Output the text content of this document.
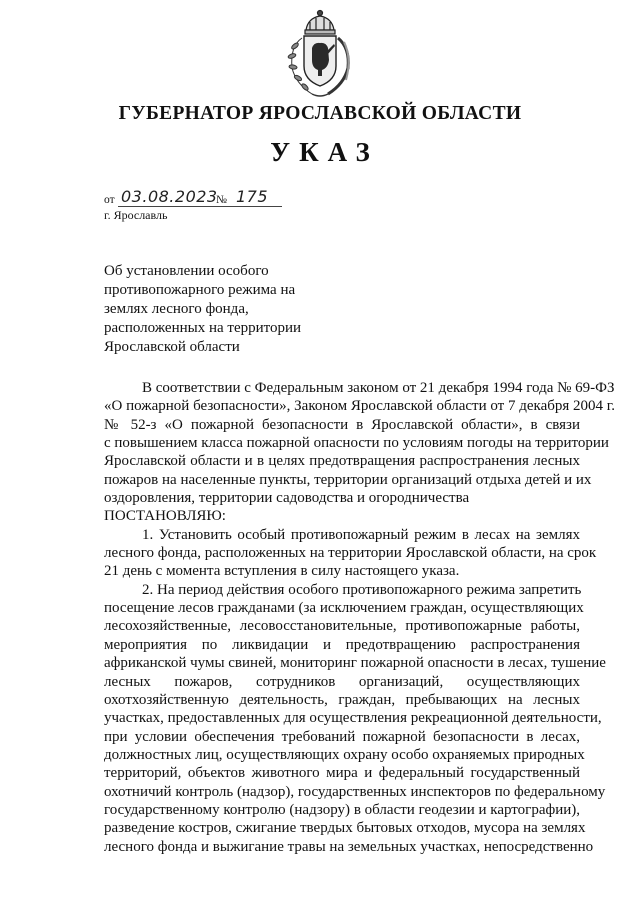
ГУБЕРНАТОР ЯРОСЛАВСКОЙ ОБЛАСТИ
УКАЗ
от 03.08.2023
№ 175
г. Ярославль
Об установлении особого
противопожарного режима на
землях лесного фонда,
расположенных на территории
Ярославской области
В соответствии с Федеральным законом от 21 декабря 1994 года № 69-ФЗ
«О пожарной безопасности», Законом Ярославской области от 7 декабря 2004 г.
№ 52-з «О пожарной безопасности в Ярославской области», в связи
с повышением класса пожарной опасности по условиям погоды на территории
Ярославской области и в целях предотвращения распространения лесных
пожаров на населенные пункты, территории организаций отдыха детей и их
оздоровления, территории садоводства и огородничества
ПОСТАНОВЛЯЮ:
1. Установить особый противопожарный режим в лесах на землях
лесного фонда, расположенных на территории Ярославской области, на срок
21 день с момента вступления в силу настоящего указа.
2. На период действия особого противопожарного режима запретить
посещение лесов гражданами (за исключением граждан, осуществляющих
лесохозяйственные, лесовосстановительные, противопожарные работы,
мероприятия по ликвидации и предотвращению распространения
африканской чумы свиней, мониторинг пожарной опасности в лесах, тушение
лесных пожаров, сотрудников организаций, осуществляющих
охотхозяйственную деятельность, граждан, пребывающих на лесных
участках, предоставленных для осуществления рекреационной деятельности,
при условии обеспечения требований пожарной безопасности в лесах,
должностных лиц, осуществляющих охрану особо охраняемых природных
территорий, объектов животного мира и федеральный государственный
охотничий контроль (надзор), государственных инспекторов по федеральному
государственному контролю (надзору) в области геодезии и картографии),
разведение костров, сжигание твердых бытовых отходов, мусора на землях
лесного фонда и выжигание травы на земельных участках, непосредственно
